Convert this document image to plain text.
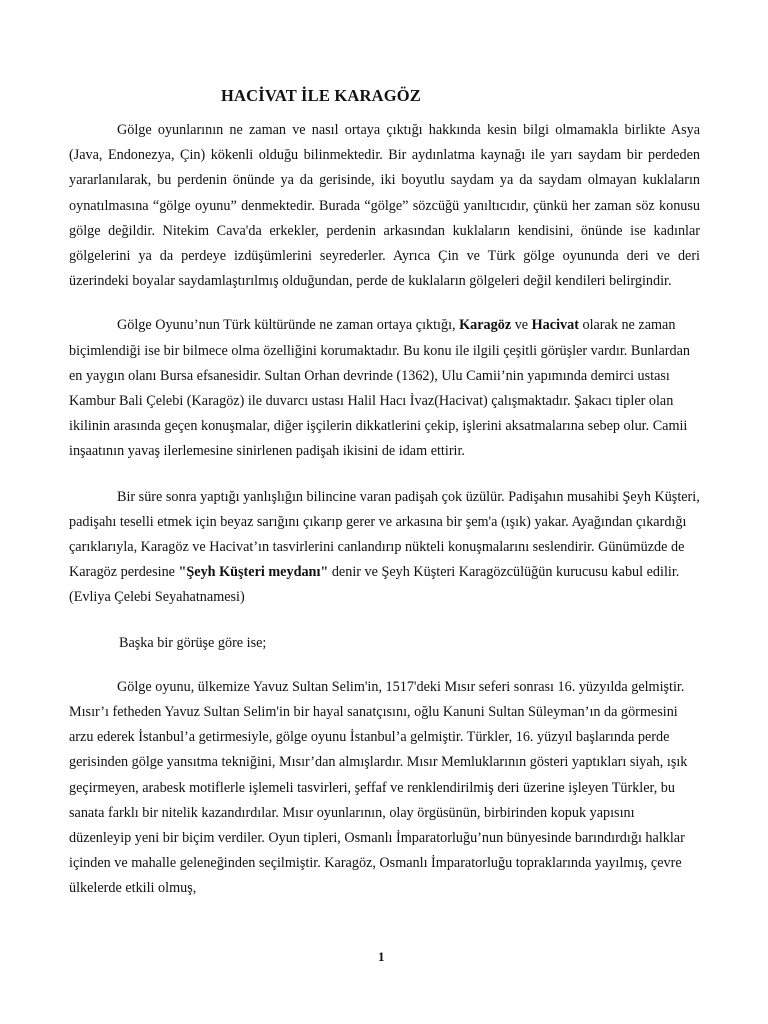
HACİVAT İLE KARAGÖZ

Gölge oyunlarının ne zaman ve nasıl ortaya çıktığı hakkında kesin bilgi olmamakla birlikte Asya (Java, Endonezya, Çin) kökenli olduğu bilinmektedir. Bir aydınlatma kaynağı ile yarı saydam bir perdeden yararlanılarak, bu perdenin önünde ya da gerisinde, iki boyutlu saydam ya da saydam olmayan kuklaların oynatılmasına “gölge oyunu” denmektedir. Burada “gölge” sözcüğü yanıltıcıdır, çünkü her zaman söz konusu gölge değildir. Nitekim Cava'da erkekler, perdenin arkasından kuklaların kendisini, önünde ise kadınlar gölgelerini ya da perdeye izdüşümlerini seyrederler. Ayrıca Çin ve Türk gölge oyununda deri ve deri üzerindeki boyalar saydamlaştırılmış olduğundan, perde de kuklaların gölgeleri değil kendileri belirgindir.

Gölge Oyunu’nun Türk kültüründe ne zaman ortaya çıktığı, Karagöz ve Hacivat olarak ne zaman biçimlendiği ise bir bilmece olma özelliğini korumaktadır. Bu konu ile ilgili çeşitli görüşler vardır. Bunlardan en yaygın olanı Bursa efsanesidir. Sultan Orhan devrinde (1362), Ulu Camii’nin yapımında demirci ustası Kambur Bali Çelebi (Karagöz) ile duvarcı ustası Halil Hacı İvaz(Hacivat) çalışmaktadır. Şakacı tipler olan ikilinin arasında geçen konuşmalar, diğer işçilerin dikkatlerini çekip, işlerini aksatmalarına sebep olur. Camii inşaatının yavaş ilerlemesine sinirlenen padişah ikisini de idam ettirir.

Bir süre sonra yaptığı yanlışlığın bilincine varan padişah çok üzülür. Padişahın musahibi Şeyh Küşteri, padişahı teselli etmek için beyaz sarığını çıkarıp gerer ve arkasına bir şem'a (ışık) yakar. Ayağından çıkardığı çarıklarıyla, Karagöz ve Hacivat’ın tasvirlerini canlandırıp nükteli konuşmalarını seslendirir. Günümüzde de Karagöz perdesine "Şeyh Küşteri meydanı" denir ve Şeyh Küşteri Karagözcülüğün kurucusu kabul edilir. (Evliya Çelebi Seyahatnamesi)

Başka bir görüşe göre ise;

Gölge oyunu, ülkemize Yavuz Sultan Selim'in, 1517'deki Mısır seferi sonrası 16. yüzyılda gelmiştir. Mısır’ı fetheden Yavuz Sultan Selim'in bir hayal sanatçısını, oğlu Kanuni Sultan Süleyman’ın da görmesini arzu ederek İstanbul’a getirmesiyle, gölge oyunu İstanbul’a gelmiştir. Türkler, 16. yüzyıl başlarında perde gerisinden gölge yansıtma tekniğini, Mısır’dan almışlardır. Mısır Memluklarının gösteri yaptıkları siyah, ışık geçirmeyen, arabesk motiflerle işlemeli tasvirleri, şeffaf ve renklendirilmiş deri üzerine işleyen Türkler, bu sanata farklı bir nitelik kazandırdılar. Mısır oyunlarının, olay örgüsünün, birbirinden kopuk yapısını düzenleyip yeni bir biçim verdiler. Oyun tipleri, Osmanlı İmparatorluğu’nun bünyesinde barındırdığı halklar içinden ve mahalle geleneğinden seçilmiştir. Karagöz, Osmanlı İmparatorluğu topraklarında yayılmış, çevre ülkelerde etkili olmuş,

1
